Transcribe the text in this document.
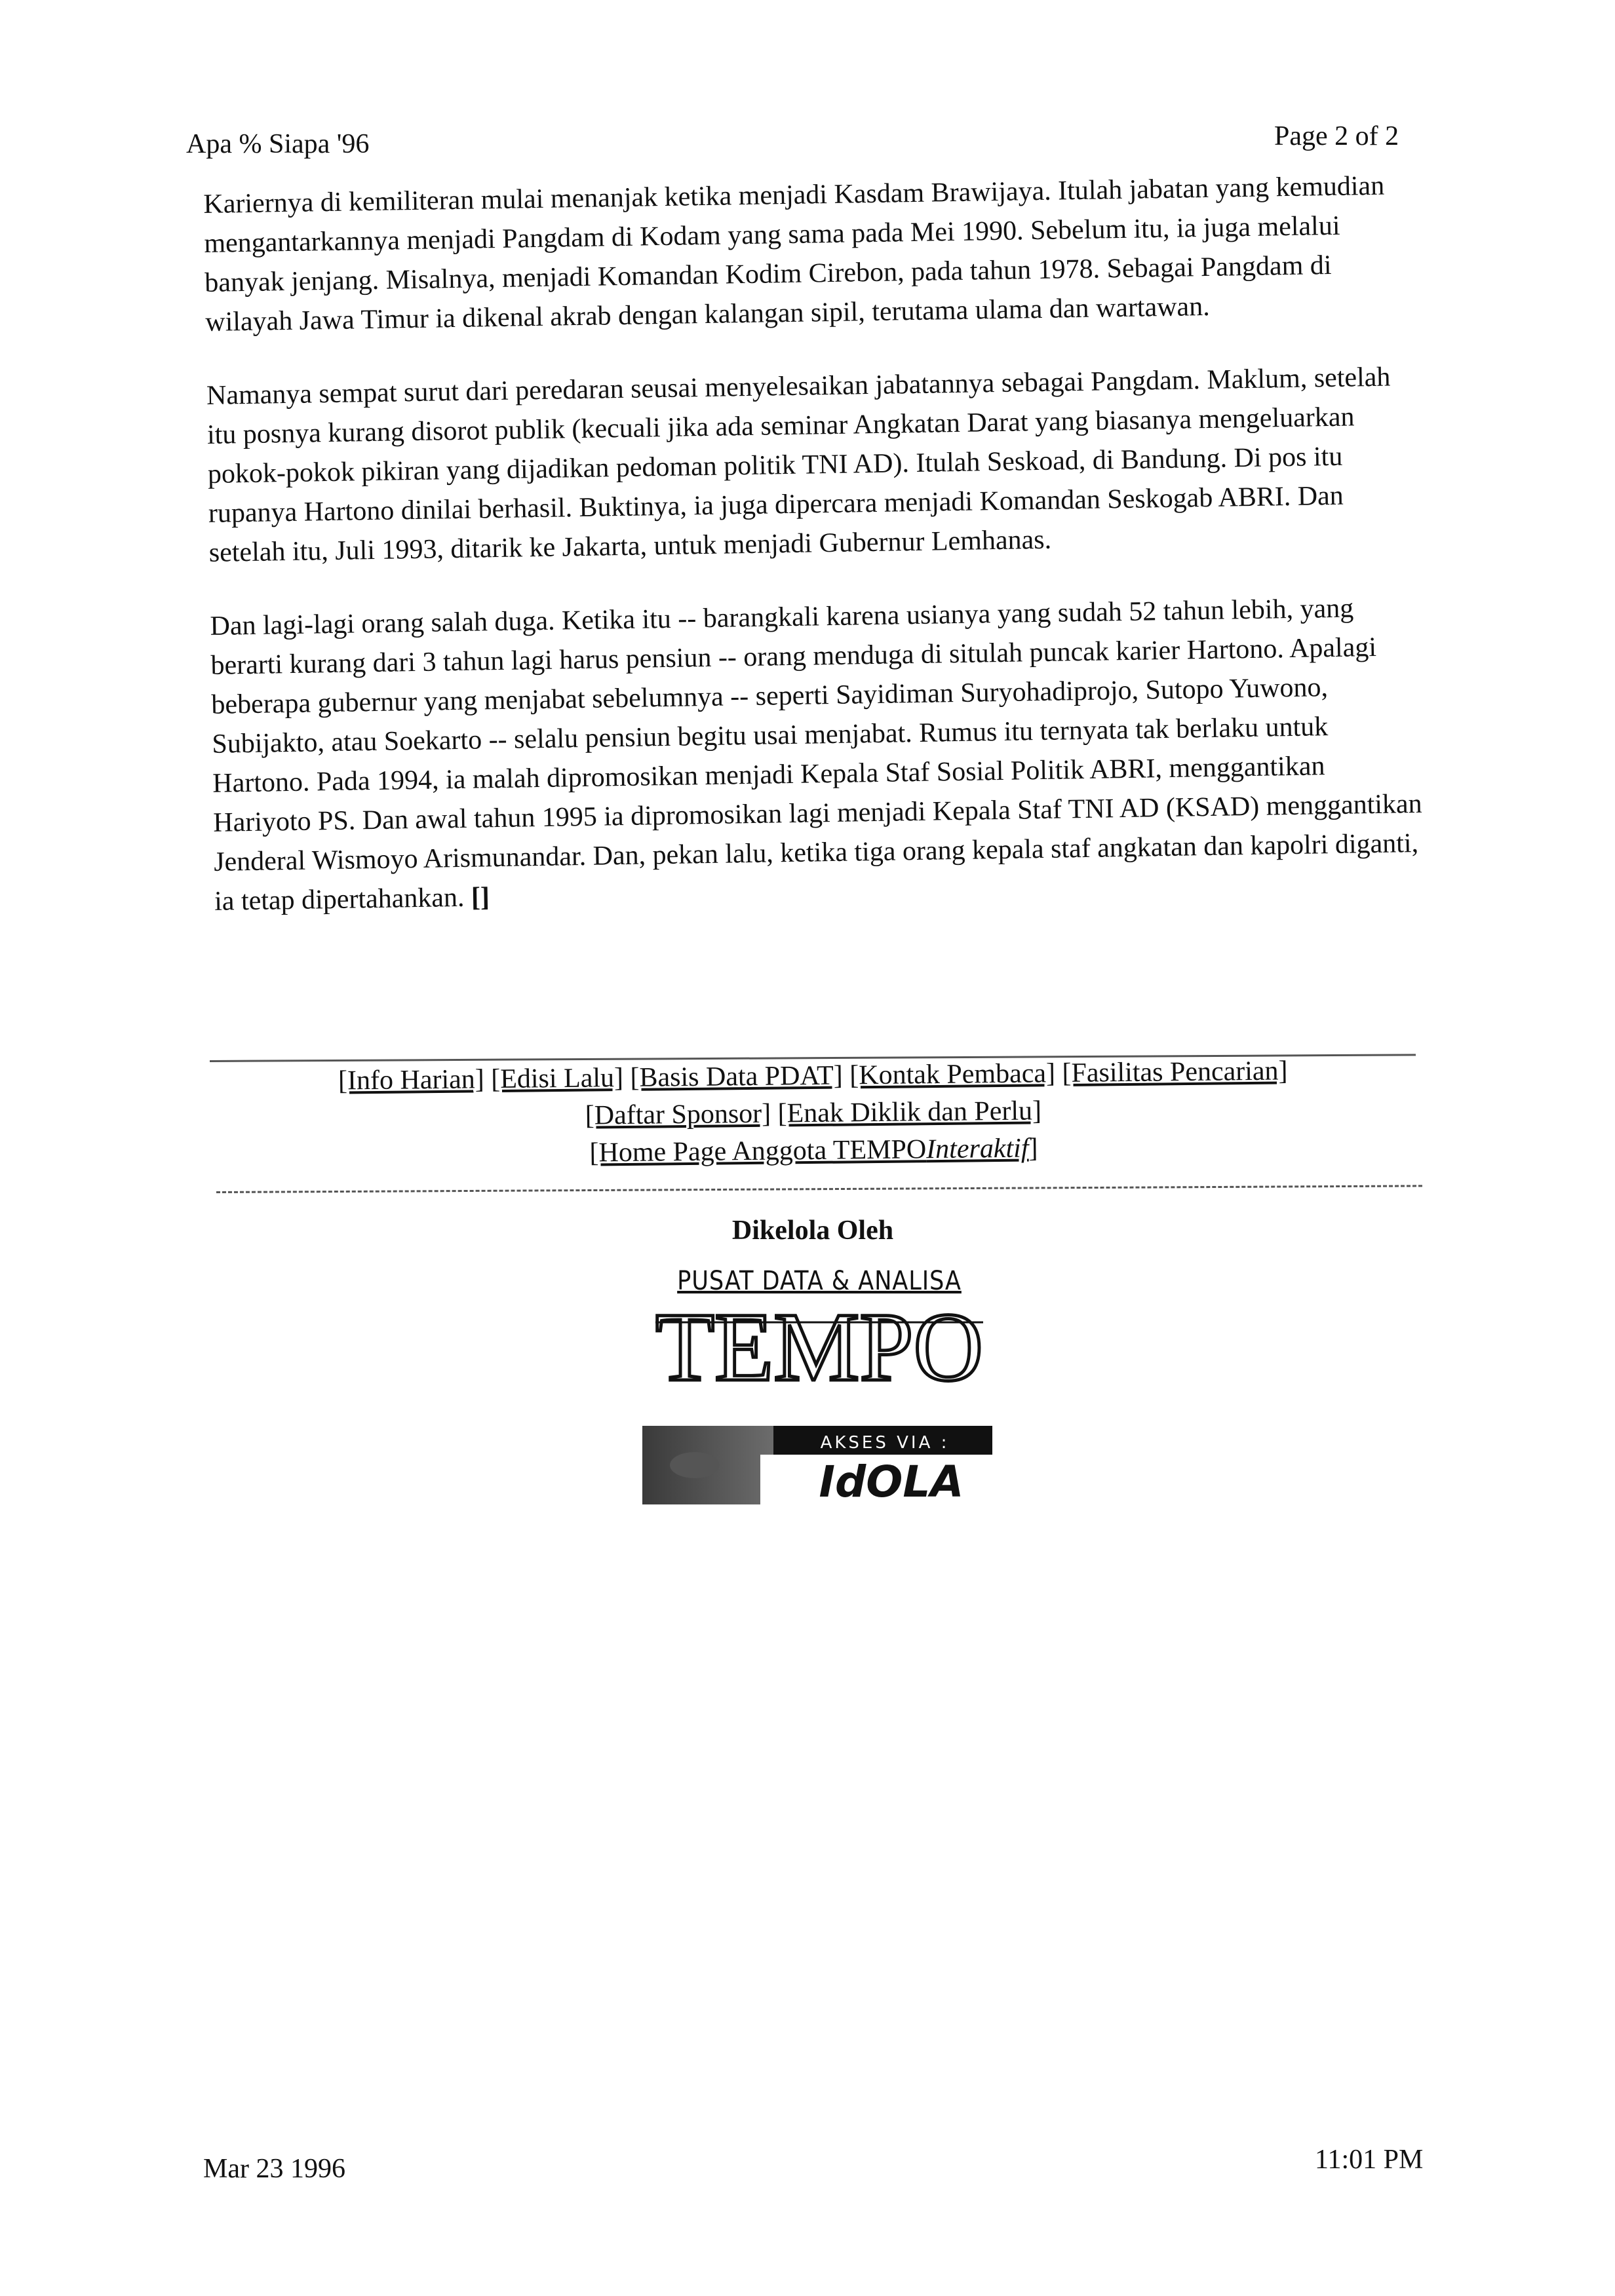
Apa % Siapa '96	Page 2 of 2

Kariernya di kemiliteran mulai menanjak ketika menjadi Kasdam Brawijaya. Itulah jabatan yang kemudian mengantarkannya menjadi Pangdam di Kodam yang sama pada Mei 1990. Sebelum itu, ia juga melalui banyak jenjang. Misalnya, menjadi Komandan Kodim Cirebon, pada tahun 1978. Sebagai Pangdam di wilayah Jawa Timur ia dikenal akrab dengan kalangan sipil, terutama ulama dan wartawan.

Namanya sempat surut dari peredaran seusai menyelesaikan jabatannya sebagai Pangdam. Maklum, setelah itu posnya kurang disorot publik (kecuali jika ada seminar Angkatan Darat yang biasanya mengeluarkan pokok-pokok pikiran yang dijadikan pedoman politik TNI AD). Itulah Seskoad, di Bandung. Di pos itu rupanya Hartono dinilai berhasil. Buktinya, ia juga dipercara menjadi Komandan Seskogab ABRI. Dan setelah itu, Juli 1993, ditarik ke Jakarta, untuk menjadi Gubernur Lemhanas.

Dan lagi-lagi orang salah duga. Ketika itu -- barangkali karena usianya yang sudah 52 tahun lebih, yang berarti kurang dari 3 tahun lagi harus pensiun -- orang menduga di situlah puncak karier Hartono. Apalagi beberapa gubernur yang menjabat sebelumnya -- seperti Sayidiman Suryohadiprojo, Sutopo Yuwono, Subijakto, atau Soekarto -- selalu pensiun begitu usai menjabat. Rumus itu ternyata tak berlaku untuk Hartono. Pada 1994, ia malah dipromosikan menjadi Kepala Staf Sosial Politik ABRI, menggantikan Hariyoto PS. Dan awal tahun 1995 ia dipromosikan lagi menjadi Kepala Staf TNI AD (KSAD) menggantikan Jenderal Wismoyo Arismunandar. Dan, pekan lalu, ketika tiga orang kepala staf angkatan dan kapolri diganti, ia tetap dipertahankan. []

[Info Harian] [Edisi Lalu] [Basis Data PDAT] [Kontak Pembaca] [Fasilitas Pencarian]
[Daftar Sponsor] [Enak Diklik dan Perlu]
[Home Page Anggota TEMPOInteraktif]
Dikelola Oleh
PUSAT DATA & ANALISA
TEMPO
AKSES VIA :
IdOLA
Mar 23 1996	11:01 PM
